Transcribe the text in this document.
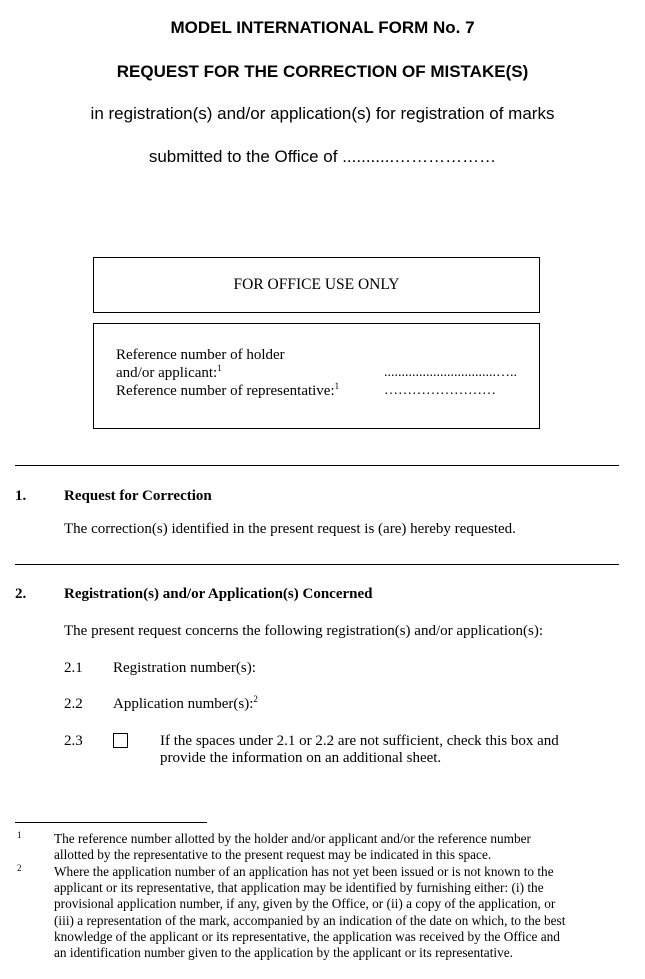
MODEL INTERNATIONAL FORM No. 7
REQUEST FOR THE CORRECTION OF MISTAKE(S)
in registration(s) and/or application(s) for registration of marks
submitted to the Office of ...........………………
FOR OFFICE USE ONLY
Reference number of holder
and/or applicant:$^1$	................................…..
Reference number of representative:$^1$	……………………
1.	Request for Correction
The correction(s) identified in the present request is (are) hereby requested.
2.	Registration(s) and/or Application(s) Concerned
The present request concerns the following registration(s) and/or application(s):
2.1 Registration number(s):
2.2 Application number(s):$^2$
2.3	If the spaces under 2.1 or 2.2 are not sufficient, check this box and
provide the information on an additional sheet.
1 The reference number allotted by the holder and/or applicant and/or the reference number
allotted by the representative to the present request may be indicated in this space.
2 Where the application number of an application has not yet been issued or is not known to the
applicant or its representative, that application may be identified by furnishing either: (i) the
provisional application number, if any, given by the Office, or (ii) a copy of the application, or
(iii) a representation of the mark, accompanied by an indication of the date on which, to the best
knowledge of the applicant or its representative, the application was received by the Office and
an identification number given to the application by the applicant or its representative.
